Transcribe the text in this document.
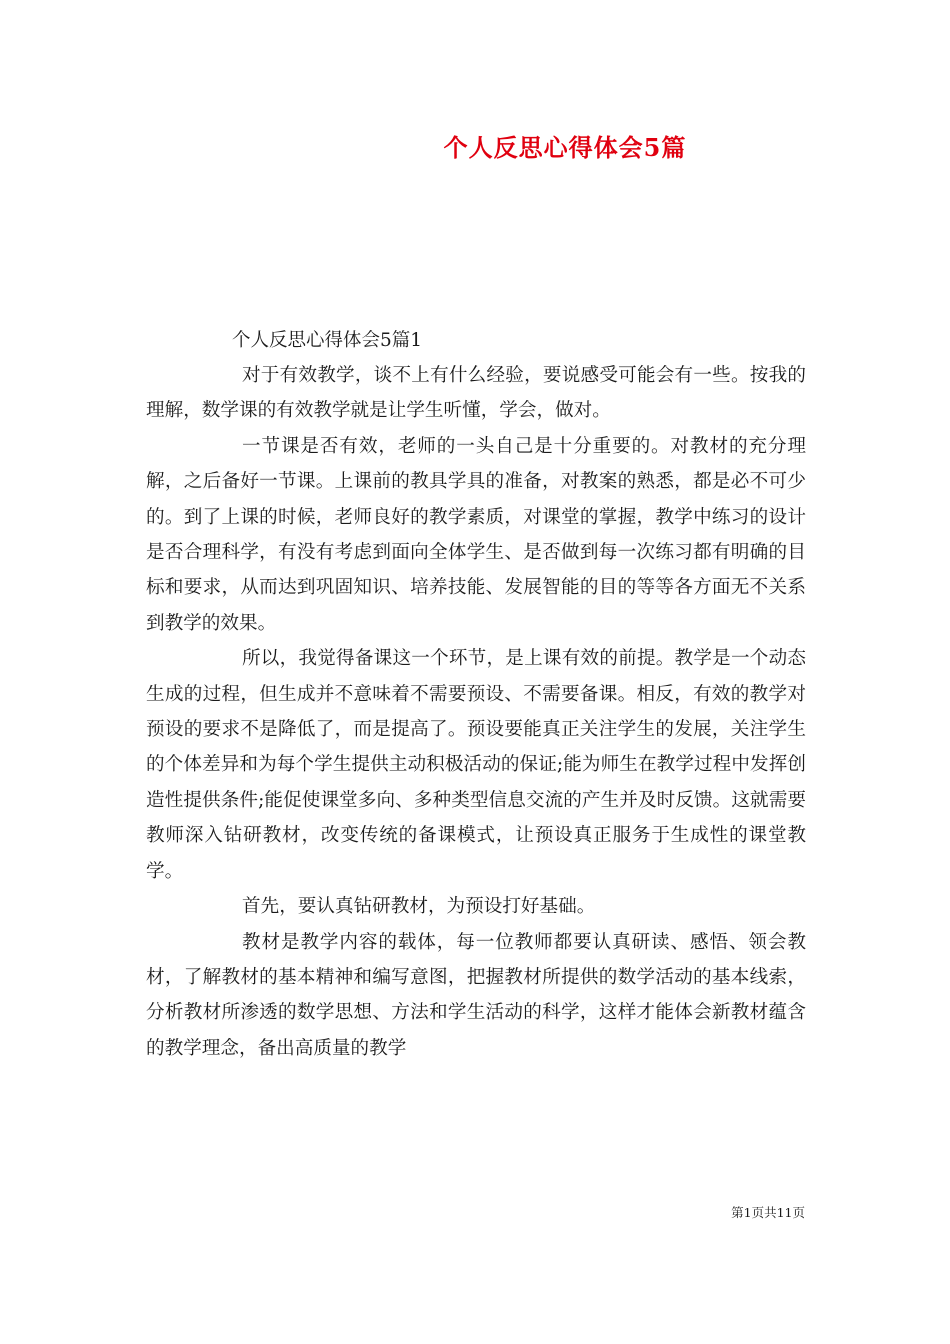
个人反思心得体会5篇

个人反思心得体会5篇1

对于有效教学，谈不上有什么经验，要说感受可能会有一些。按我的理解，数学课的有效教学就是让学生听懂，学会，做对。

一节课是否有效，老师的一头自己是十分重要的。对教材的充分理解，之后备好一节课。上课前的教具学具的准备，对教案的熟悉，都是必不可少的。到了上课的时候，老师良好的教学素质，对课堂的掌握，教学中练习的设计是否合理科学，有没有考虑到面向全体学生、是否做到每一次练习都有明确的目标和要求，从而达到巩固知识、培养技能、发展智能的目的等等各方面无不关系到教学的效果。

所以，我觉得备课这一个环节，是上课有效的前提。教学是一个动态生成的过程，但生成并不意味着不需要预设、不需要备课。相反，有效的教学对预设的要求不是降低了，而是提高了。预设要能真正关注学生的发展，关注学生的个体差异和为每个学生提供主动积极活动的保证;能为师生在教学过程中发挥创造性提供条件;能促使课堂多向、多种类型信息交流的产生并及时反馈。这就需要教师深入钻研教材，改变传统的备课模式，让预设真正服务于生成性的课堂教学。

首先，要认真钻研教材，为预设打好基础。

教材是教学内容的载体，每一位教师都要认真研读、感悟、领会教材，了解教材的基本精神和编写意图，把握教材所提供的数学活动的基本线索，分析教材所渗透的数学思想、方法和学生活动的科学，这样才能体会新教材蕴含的教学理念，备出高质量的教学

第1页共11页
